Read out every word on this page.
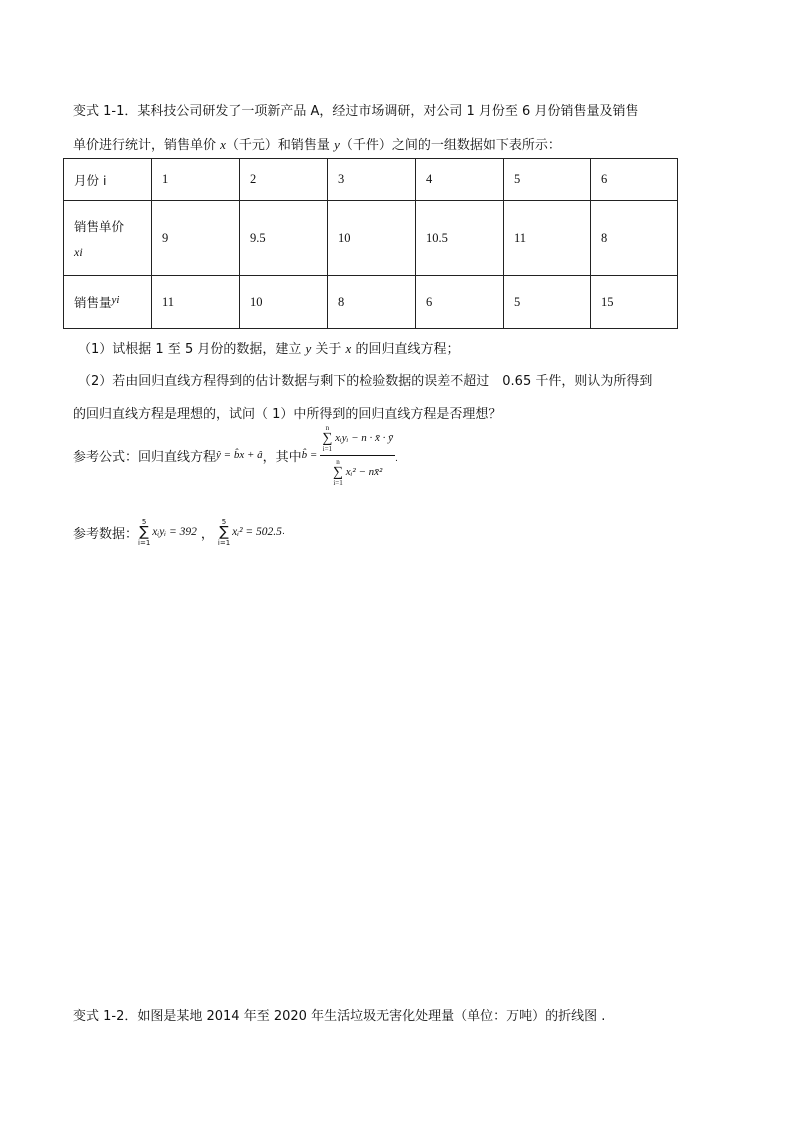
变式 1-1．某科技公司研发了一项新产品 A，经过市场调研，对公司 1 月份至 6 月份销售量及销售
单价进行统计，销售单价 x（千元）和销售量 y（千件）之间的一组数据如下表所示：
月份 i	1	2	3	4	5	6

销售单价
xi	9	9.5	10	10.5	11	8
销售量yi	11	10	8	6	5	15
（1）试根据 1 至 5 月份的数据，建立 y 关于 x 的回归直线方程；
（2）若由回归直线方程得到的估计数据与剩下的检验数据的误差不超过　0.65 千件，则认为所得到
的回归直线方程是理想的，试问（ 1）中所得到的回归直线方程是否理想？
参考公式：回归直线方程 ŷ = b̂x + â ，其中 b̂ = n
∑
i=1 xᵢyᵢ − n · x̄ · ȳ
n
∑
i=1 xᵢ² − nx̄² .
参考数据：
5
∑
i=1
xᵢyᵢ = 392 ，
5
∑
i=1
xᵢ² = 502.5 .
变式 1-2．如图是某地 2014 年至 2020 年生活垃圾无害化处理量（单位：万吨）的折线图 .
